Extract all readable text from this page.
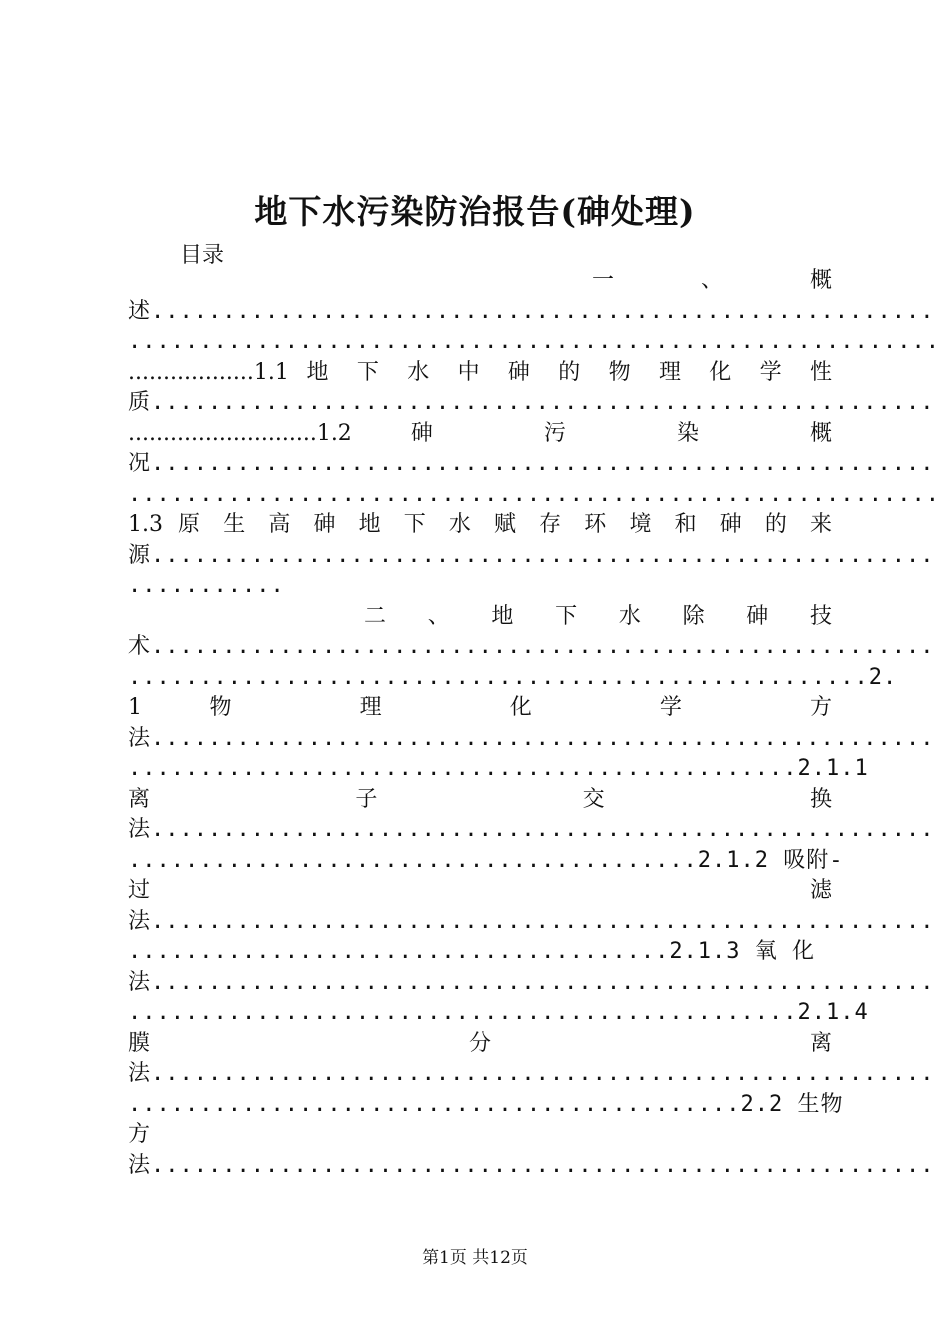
地下水污染防治报告(砷处理)

目录

一 、 概
述.......................................................
.........................................................
..................1.1 地 下 水 中 砷 的 物 理 化 学 性
质.......................................................
...........................1.2 砷 污 染 概
况.......................................................
.........................................................
1.3 原 生 高 砷 地 下 水 赋 存 环 境 和 砷 的 来
源.......................................................
...........
二 、 地 下 水 除 砷 技
术.......................................................
....................................................2.
1 物 理 化 学 方
法.......................................................
...............................................2.1.1
离 子 交 换
法.......................................................
........................................2.1.2 吸附-
过 滤
法.......................................................
......................................2.1.3 氧 化
法.......................................................
...............................................2.1.4
膜 分 离
法.......................................................
...........................................2.2 生物
方
法.......................................................
第1页 共12页
